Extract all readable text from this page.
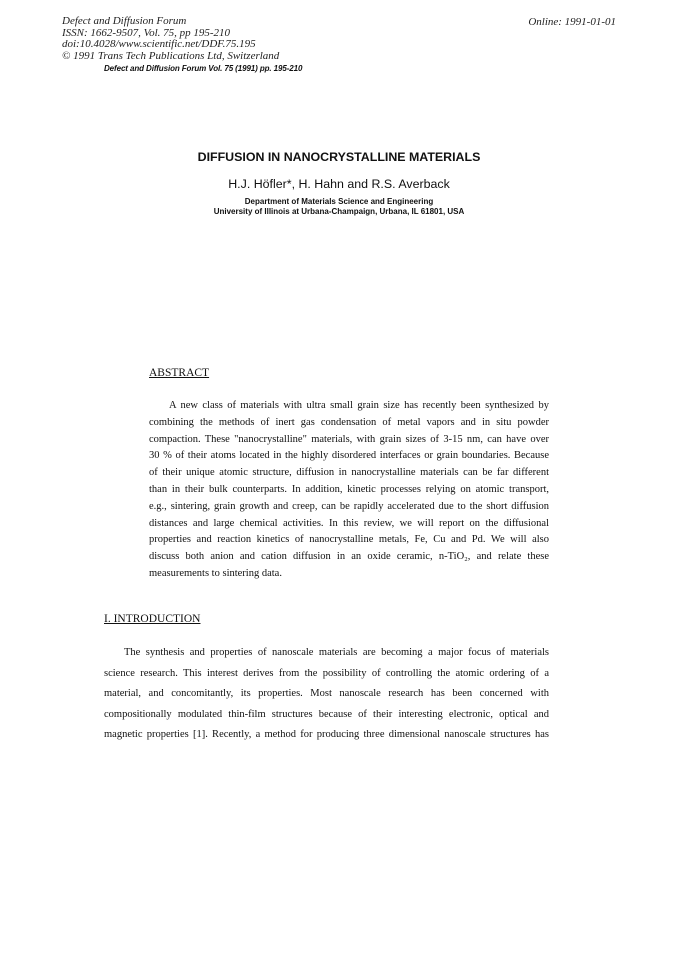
Defect and Diffusion Forum
ISSN: 1662-9507, Vol. 75, pp 195-210
doi:10.4028/www.scientific.net/DDF.75.195
© 1991 Trans Tech Publications Ltd, Switzerland
Online: 1991-01-01
Defect and Diffusion Forum Vol. 75 (1991) pp. 195-210
DIFFUSION IN NANOCRYSTALLINE MATERIALS
H.J. Höfler*, H. Hahn and R.S. Averback
Department of Materials Science and Engineering
University of Illinois at Urbana-Champaign, Urbana, IL 61801, USA
ABSTRACT
A new class of materials with ultra small grain size has recently been synthesized by
combining the methods of inert gas condensation of metal vapors and in situ powder
compaction. These "nanocrystalline" materials, with grain sizes of 3-15 nm, can have over
30 % of their atoms located in the highly disordered interfaces or grain boundaries. Because
of their unique atomic structure, diffusion in nanocrystalline materials can be far different
than in their bulk counterparts. In addition, kinetic processes relying on atomic transport,
e.g., sintering, grain growth and creep, can be rapidly accelerated due to the short diffusion
distances and large chemical activities. In this review, we will report on the diffusional
properties and reaction kinetics of nanocrystalline metals, Fe, Cu and Pd. We will also
discuss both anion and cation diffusion in an oxide ceramic, n-TiO₂, and relate these
measurements to sintering data.
I. INTRODUCTION
The synthesis and properties of nanoscale materials are becoming a major focus of materials
science research. This interest derives from the possibility of controlling the atomic ordering of a
material, and concomitantly, its properties. Most nanoscale research has been concerned with
compositionally modulated thin-film structures because of their interesting electronic, optical and
magnetic properties [1]. Recently, a method for producing three dimensional nanoscale structures has
